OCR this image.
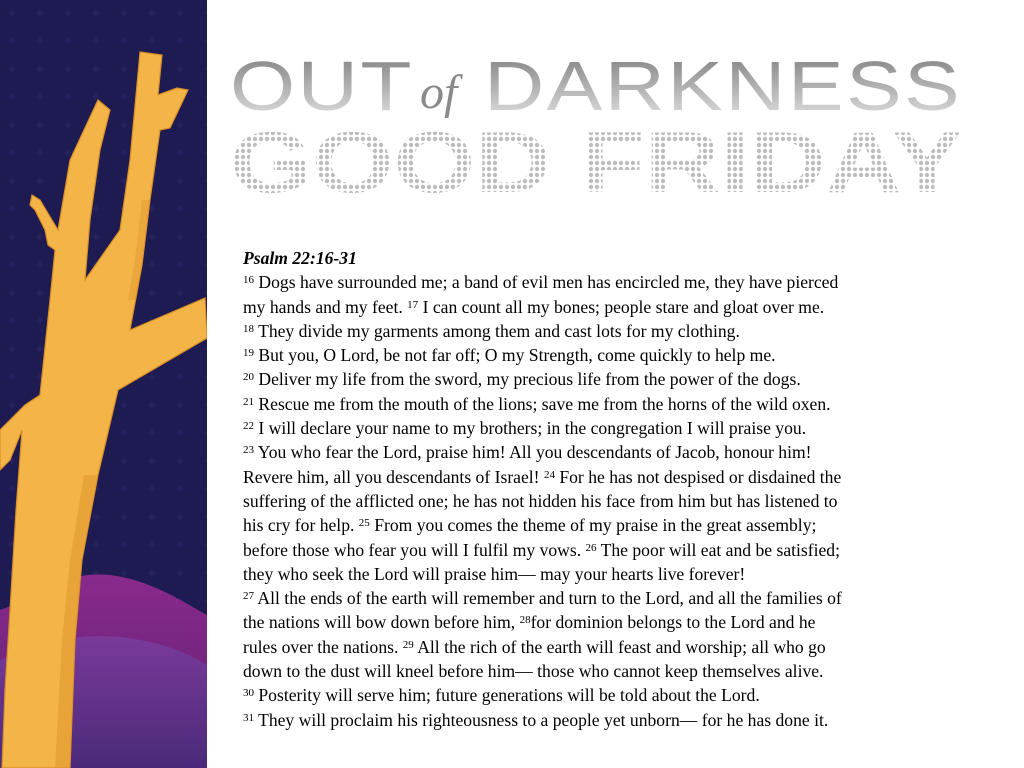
OUT of DARKNESS
GOOD FRIDAY
Psalm 22:16-31
$^{16}$ Dogs have surrounded me; a band of evil men has encircled me, they have pierced
my hands and my feet. $^{17}$ I can count all my bones; people stare and gloat over me.
$^{18}$ They divide my garments among them and cast lots for my clothing.
$^{19}$ But you, O Lord, be not far off; O my Strength, come quickly to help me.
$^{20}$ Deliver my life from the sword, my precious life from the power of the dogs.
$^{21}$ Rescue me from the mouth of the lions; save me from the horns of the wild oxen.
$^{22}$ I will declare your name to my brothers; in the congregation I will praise you.
$^{23}$ You who fear the Lord, praise him! All you descendants of Jacob, honour him!
Revere him, all you descendants of Israel! $^{24}$ For he has not despised or disdained the
suffering of the afflicted one; he has not hidden his face from him but has listened to
his cry for help. $^{25}$ From you comes the theme of my praise in the great assembly;
before those who fear you will I fulfil my vows. $^{26}$ The poor will eat and be satisfied;
they who seek the Lord will praise him— may your hearts live forever!
$^{27}$ All the ends of the earth will remember and turn to the Lord, and all the families of
the nations will bow down before him, $^{28}$for dominion belongs to the Lord and he
rules over the nations. $^{29}$ All the rich of the earth will feast and worship; all who go
down to the dust will kneel before him— those who cannot keep themselves alive.
$^{30}$ Posterity will serve him; future generations will be told about the Lord.
$^{31}$ They will proclaim his righteousness to a people yet unborn— for he has done it.
